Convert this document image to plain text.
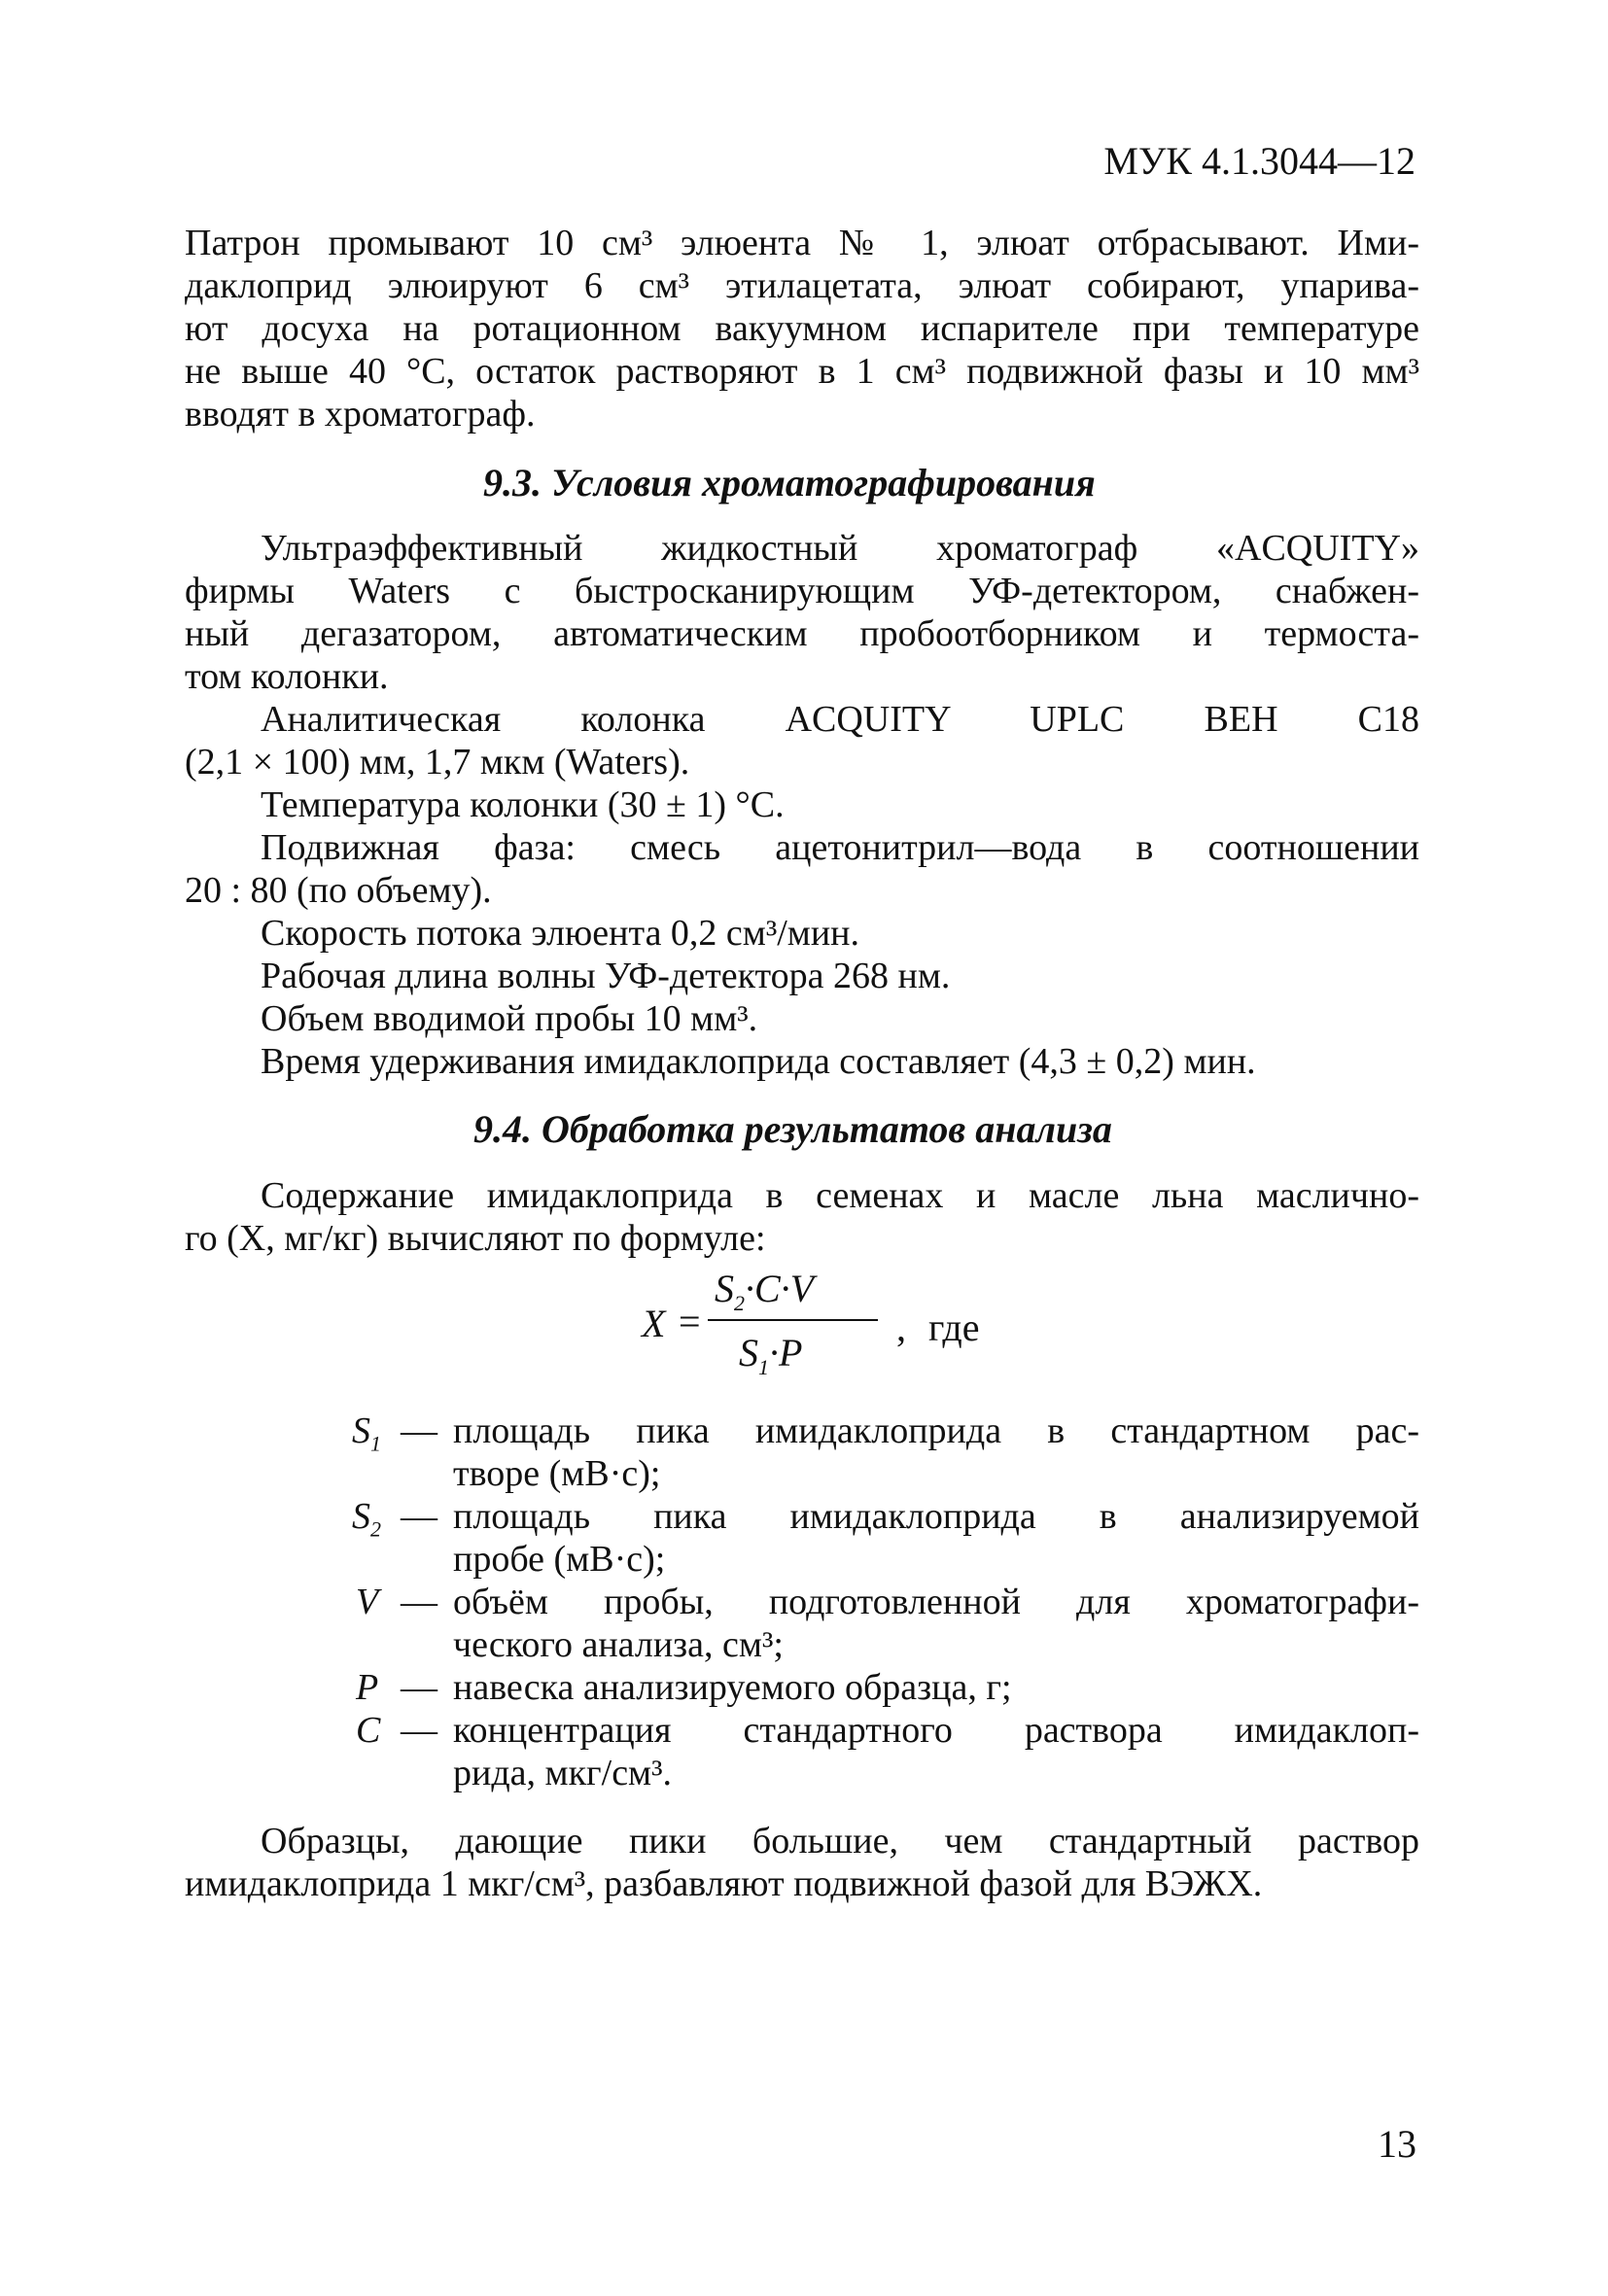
МУК 4.1.3044—12
Патрон промывают 10 см³ элюента № 1, элюат отбрасывают. Ими-
даклоприд элюируют 6 см³ этилацетата, элюат собирают, упарива-
ют досуха на ротационном вакуумном испарителе при температуре
не выше 40 °С, остаток растворяют в 1 см³ подвижной фазы и 10 мм³
вводят в хроматограф.
9.3. Условия хроматографирования
Ультраэффективный жидкостный хроматограф «ACQUITY»
фирмы Waters с быстросканирующим УФ-детектором, снабжен-
ный дегазатором, автоматическим пробоотборником и термоста-
том колонки.
Аналитическая колонка ACQUITY UPLC BEH C18
(2,1 × 100) мм, 1,7 мкм (Waters).
Температура колонки (30 ± 1) °С.
Подвижная фаза: смесь ацетонитрил—вода в соотношении
20 : 80 (по объему).
Скорость потока элюента 0,2 см³/мин.
Рабочая длина волны УФ-детектора 268 нм.
Объем вводимой пробы 10 мм³.
Время удерживания имидаклоприда составляет (4,3 ± 0,2) мин.
9.4. Обработка результатов анализа
Содержание имидаклоприда в семенах и масле льна масличнo-
го (X, мг/кг) вычисляют по формуле:
X =
$S_2\cdot C\cdot V$
$S_1\cdot P$
, где
$S_1$ — площадь пика имидаклоприда в стандартном рас-
творе (мВ·с);
$S_2$ — площадь пика имидаклоприда в анализируемой
пробе (мВ·с);
V — объём пробы, подготовленной для хроматографи-
ческого анализа, см³;
P — навеска анализируемого образца, г;
C — концентрация стандартного раствора имидаклоп-
рида, мкг/см³.
Образцы, дающие пики большие, чем стандартный раствор
имидаклоприда 1 мкг/см³, разбавляют подвижной фазой для ВЭЖХ.
13
